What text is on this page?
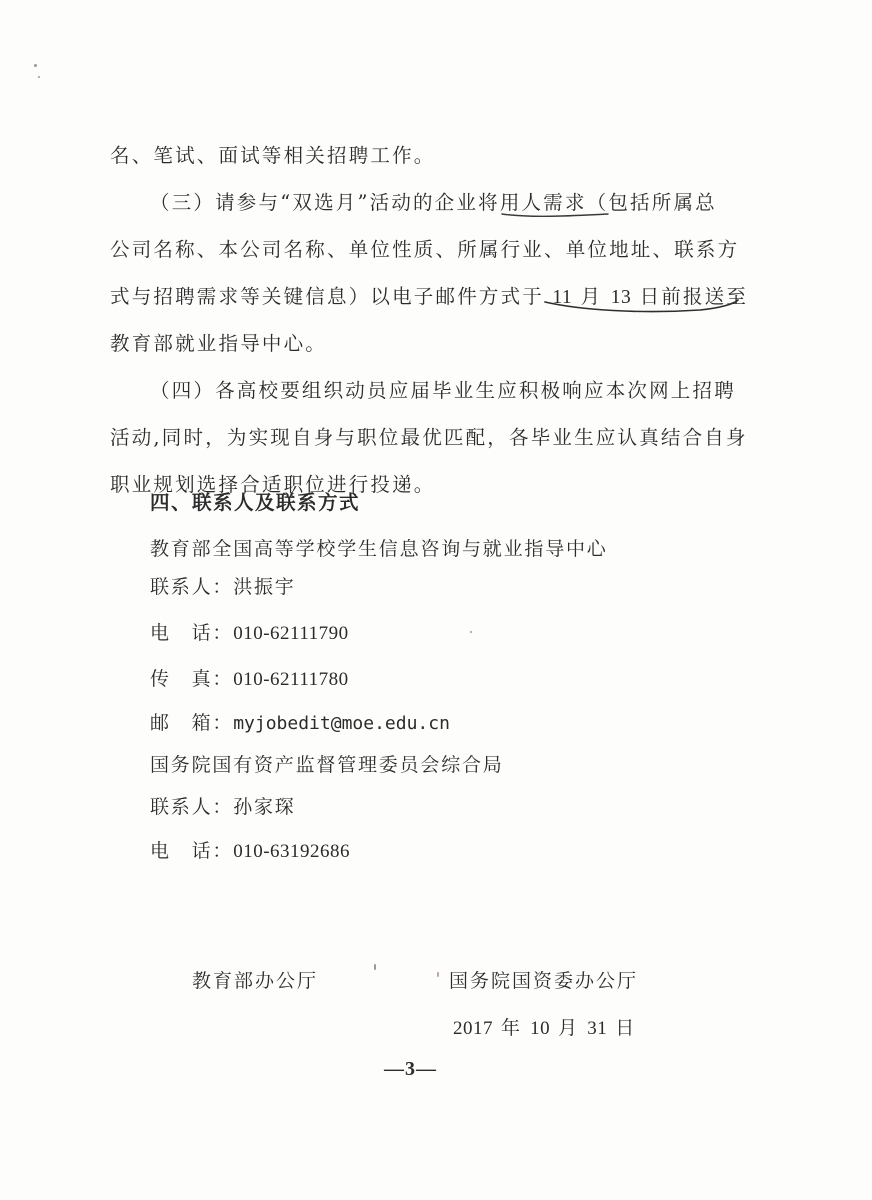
名、笔试、面试等相关招聘工作。
（三）请参与“双选月”活动的企业将用人需求（包括所属总
公司名称、本公司名称、单位性质、所属行业、单位地址、联系方
式与招聘需求等关键信息）以电子邮件方式于 11 月 13 日前报送至
教育部就业指导中心。
（四）各高校要组织动员应届毕业生应积极响应本次网上招聘
活动,同时，为实现自身与职位最优匹配，各毕业生应认真结合自身
职业规划选择合适职位进行投递。
四、联系人及联系方式
教育部全国高等学校学生信息咨询与就业指导中心
联系人：洪振宇
电　话：010-62111790
传　真：010-62111780
邮　箱：myjobedit@moe.edu.cn
国务院国有资产监督管理委员会综合局
联系人：孙家琛
电　话：010-63192686
教育部办公厅	国务院国资委办公厅
2017 年 10 月 31 日
—3—
